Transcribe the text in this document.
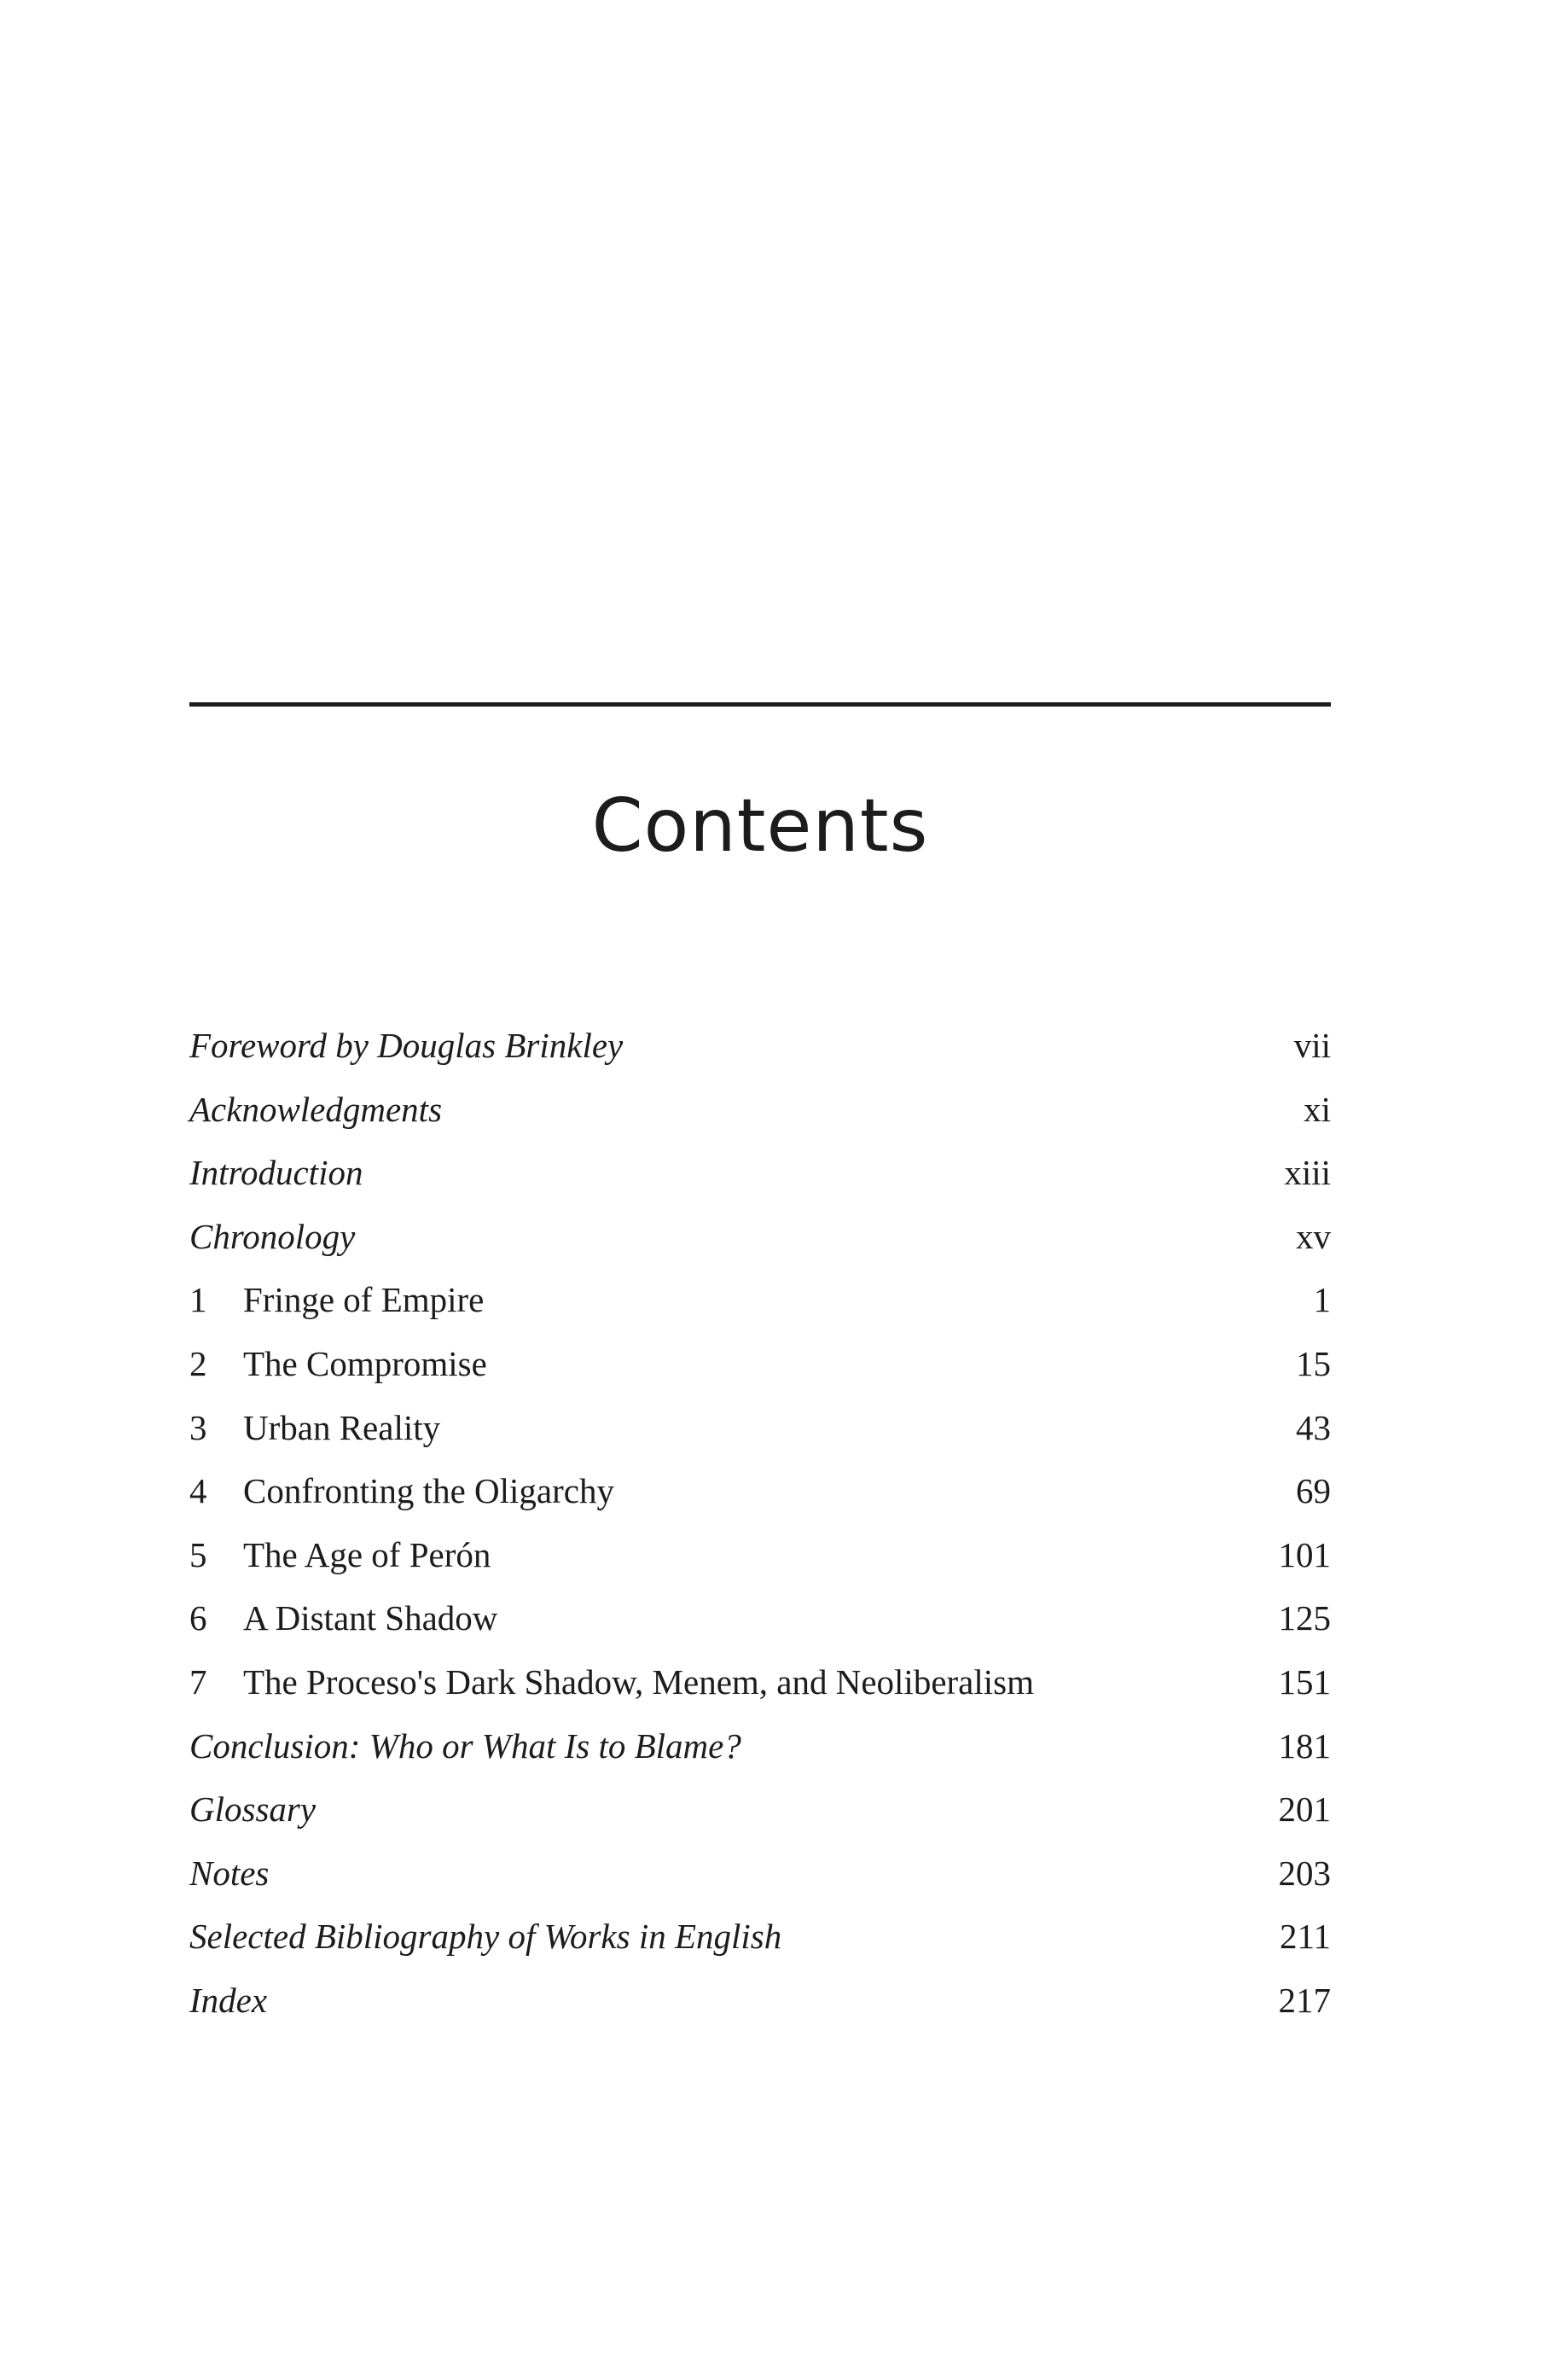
Contents
Foreword by Douglas Brinkley	vii
Acknowledgments	xi
Introduction	xiii
Chronology	xv
1 Fringe of Empire	1
2 The Compromise	15
3 Urban Reality	43
4 Confronting the Oligarchy	69
5 The Age of Perón	101
6 A Distant Shadow	125
7 The Proceso's Dark Shadow, Menem, and Neoliberalism	151
Conclusion: Who or What Is to Blame?	181
Glossary	201
Notes	203
Selected Bibliography of Works in English	211
Index	217
